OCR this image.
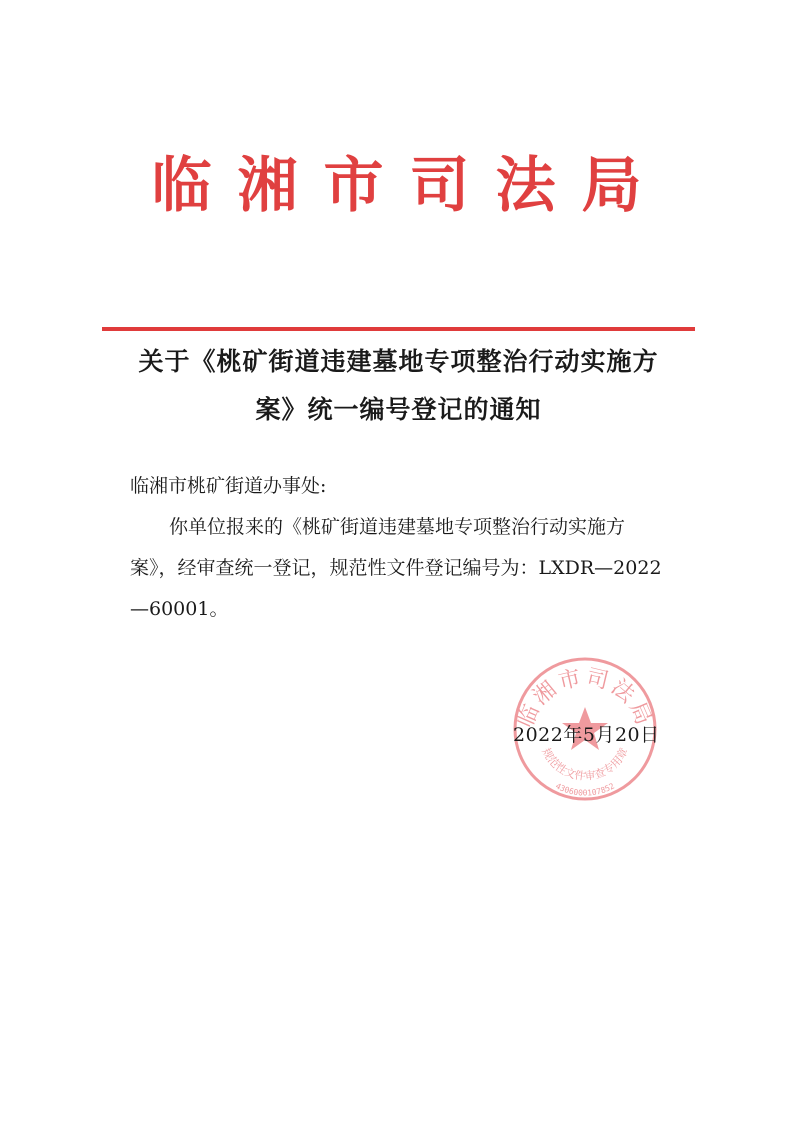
临湘市司法局
关于《桃矿街道违建墓地专项整治行动实施方
案》统一编号登记的通知
临湘市桃矿街道办事处:
你单位报来的《桃矿街道违建墓地专项整治行动实施方
案》，经审查统一登记，规范性文件登记编号为：LXDR—2022
—60001。
临湘市司法局
规范性文件审查专用章
4306000107852
2022年5月20日
